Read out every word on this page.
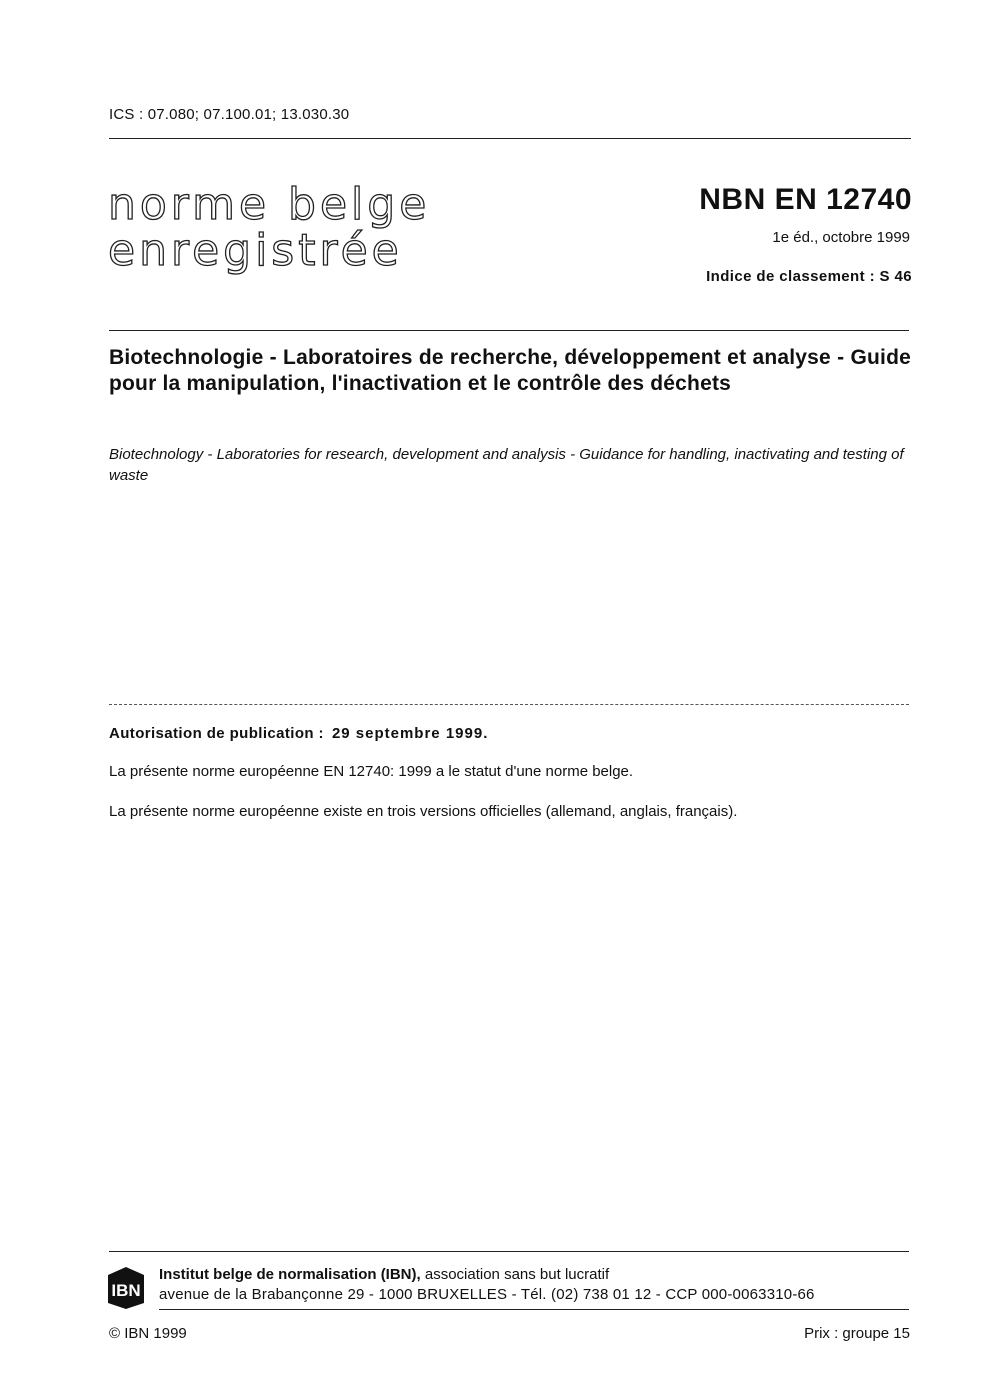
ICS : 07.080; 07.100.01; 13.030.30
norme belge
enregistrée
NBN EN 12740
1e éd., octobre 1999
Indice de classement : S 46
Biotechnologie - Laboratoires de recherche, développement et analyse - Guide pour la manipulation, l'inactivation et le contrôle des déchets
Biotechnology - Laboratories for research, development and analysis - Guidance for handling, inactivating and testing of waste
Autorisation de publication : 29 septembre 1999.
La présente norme européenne EN 12740: 1999 a le statut d'une norme belge.
La présente norme européenne existe en trois versions officielles (allemand, anglais, français).
IBN
Institut belge de normalisation (IBN), association sans but lucratif
avenue de la Brabançonne 29 - 1000 BRUXELLES - Tél. (02) 738 01 12 - CCP 000-0063310-66
© IBN 1999	Prix : groupe 15
